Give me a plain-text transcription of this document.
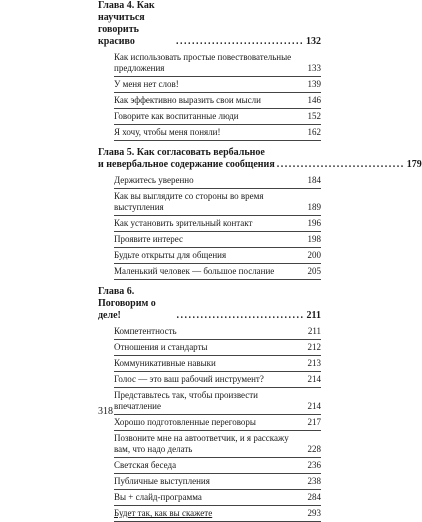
Глава 4. Как научиться говорить красиво	................................ 132
Как использовать простые повествовательные предложения	133
У меня нет слов!	139
Как эффективно выразить свои мысли	146
Говорите как воспитанные люди	152
Я хочу, чтобы меня поняли!	162
Глава 5. Как согласовать вербальное
и невербальное содержание сообщения ................................ 179
Держитесь уверенно	184
Как вы выглядите со стороны во время выступления	189
Как установить зрительный контакт	196
Проявите интерес	198
Будьте открыты для общения	200
Маленький человек — большое послание	205
Глава 6. Поговорим о деле!	................................ 211
Компетентность	211
Отношения и стандарты	212
Коммуникативные навыки	213
Голос — это ваш рабочий инструмент?	214
Представьтесь так, чтобы произвести впечатление	214
Хорошо подготовленные переговоры	217
Позвоните мне на автоответчик, и я расскажу вам, что надо делать	228
Светская беседа	236
Публичные выступления	238
Вы + слайд-программа	284
Будет так, как вы скажете	293
318
